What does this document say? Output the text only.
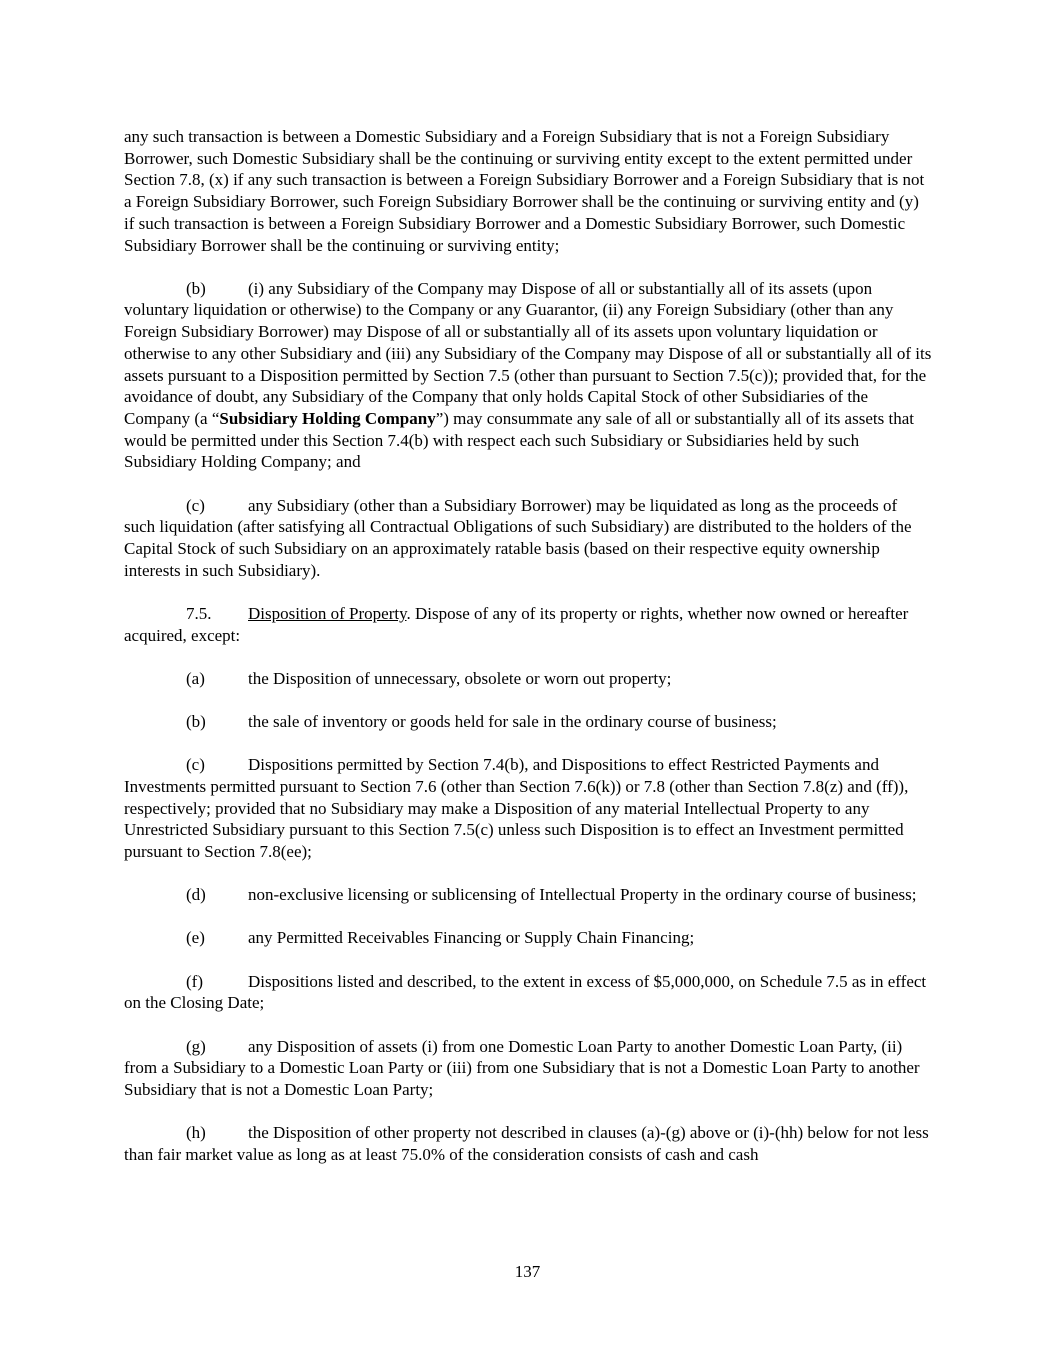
any such transaction is between a Domestic Subsidiary and a Foreign Subsidiary that is not a Foreign Subsidiary Borrower, such Domestic Subsidiary shall be the continuing or surviving entity except to the extent permitted under Section 7.8, (x) if any such transaction is between a Foreign Subsidiary Borrower and a Foreign Subsidiary that is not a Foreign Subsidiary Borrower, such Foreign Subsidiary Borrower shall be the continuing or surviving entity and (y) if such transaction is between a Foreign Subsidiary Borrower and a Domestic Subsidiary Borrower, such Domestic Subsidiary Borrower shall be the continuing or surviving entity;

(b) (i) any Subsidiary of the Company may Dispose of all or substantially all of its assets (upon voluntary liquidation or otherwise) to the Company or any Guarantor, (ii) any Foreign Subsidiary (other than any Foreign Subsidiary Borrower) may Dispose of all or substantially all of its assets upon voluntary liquidation or otherwise to any other Subsidiary and (iii) any Subsidiary of the Company may Dispose of all or substantially all of its assets pursuant to a Disposition permitted by Section 7.5 (other than pursuant to Section 7.5(c)); provided that, for the avoidance of doubt, any Subsidiary of the Company that only holds Capital Stock of other Subsidiaries of the Company (a “Subsidiary Holding Company”) may consummate any sale of all or substantially all of its assets that would be permitted under this Section 7.4(b) with respect each such Subsidiary or Subsidiaries held by such Subsidiary Holding Company; and

(c)	any Subsidiary (other than a Subsidiary Borrower) may be liquidated as long as the proceeds of such liquidation (after satisfying all Contractual Obligations of such Subsidiary) are distributed to the holders of the Capital Stock of such Subsidiary on an approximately ratable basis (based on their respective equity ownership interests in such Subsidiary).

7.5. Disposition of Property. Dispose of any of its property or rights, whether now owned or hereafter acquired, except:

(a)	the Disposition of unnecessary, obsolete or worn out property;

(b) the sale of inventory or goods held for sale in the ordinary course of business;

(c)	Dispositions permitted by Section 7.4(b), and Dispositions to effect Restricted Payments and Investments permitted pursuant to Section 7.6 (other than Section 7.6(k)) or 7.8 (other than Section 7.8(z) and (ff)), respectively; provided that no Subsidiary may make a Disposition of any material Intellectual Property to any Unrestricted Subsidiary pursuant to this Section 7.5(c) unless such Disposition is to effect an Investment permitted pursuant to Section 7.8(ee);

(d) non-exclusive licensing or sublicensing of Intellectual Property in the ordinary course of business;

(e)	any Permitted Receivables Financing or Supply Chain Financing;

(f)	Dispositions listed and described, to the extent in excess of $5,000,000, on Schedule 7.5 as in effect on the Closing Date;

(g) any Disposition of assets (i) from one Domestic Loan Party to another Domestic Loan Party, (ii) from a Subsidiary to a Domestic Loan Party or (iii) from one Subsidiary that is not a Domestic Loan Party to another Subsidiary that is not a Domestic Loan Party;

(h) the Disposition of other property not described in clauses (a)-(g) above or (i)-(hh) below for not less than fair market value as long as at least 75.0% of the consideration consists of cash and cash

137
